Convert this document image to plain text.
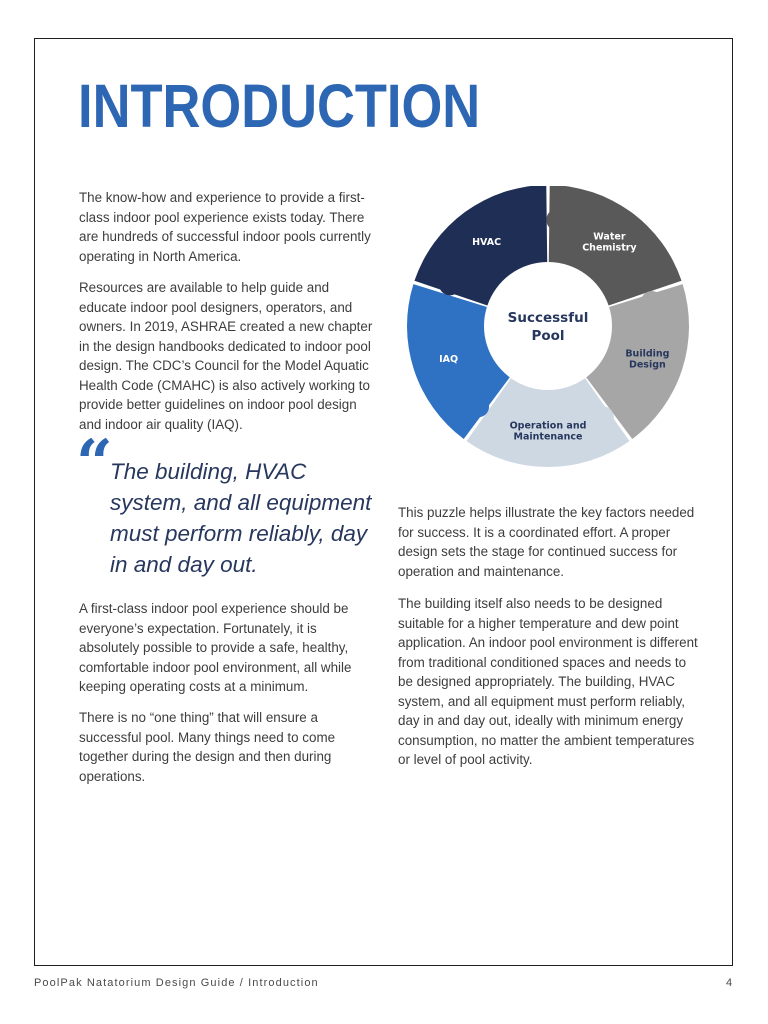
INTRODUCTION

The know-how and experience to provide a first-class indoor pool experience exists today. There are hundreds of successful indoor pools currently operating in North America.

Resources are available to help guide and educate indoor pool designers, operators, and owners. In 2019, ASHRAE created a new chapter in the design handbooks dedicated to indoor pool design. The CDC’s Council for the Model Aquatic Health Code (CMAHC) is also actively working to provide better guidelines on indoor pool design and indoor air quality (IAQ).

“

The building, HVAC system, and all equipment must perform reliably, day in and day out.

A first-class indoor pool experience should be everyone’s expectation. Fortunately, it is absolutely possible to provide a safe, healthy, comfortable indoor pool environment, all while keeping operating costs at a minimum.

There is no “one thing” that will ensure a successful pool. Many things need to come together during the design and then during operations.

Successful
Pool
HVAC	Water
Chemistry
Building
Design
Operation and
Maintenance
IAQ

This puzzle helps illustrate the key factors needed for success. It is a coordinated effort. A proper design sets the stage for continued success for operation and maintenance.

The building itself also needs to be designed suitable for a higher temperature and dew point application. An indoor pool environment is different from traditional conditioned spaces and needs to be designed appropriately. The building, HVAC system, and all equipment must perform reliably, day in and day out, ideally with minimum energy consumption, no matter the ambient temperatures or level of pool activity.

PoolPak Natatorium Design Guide / Introduction	4
